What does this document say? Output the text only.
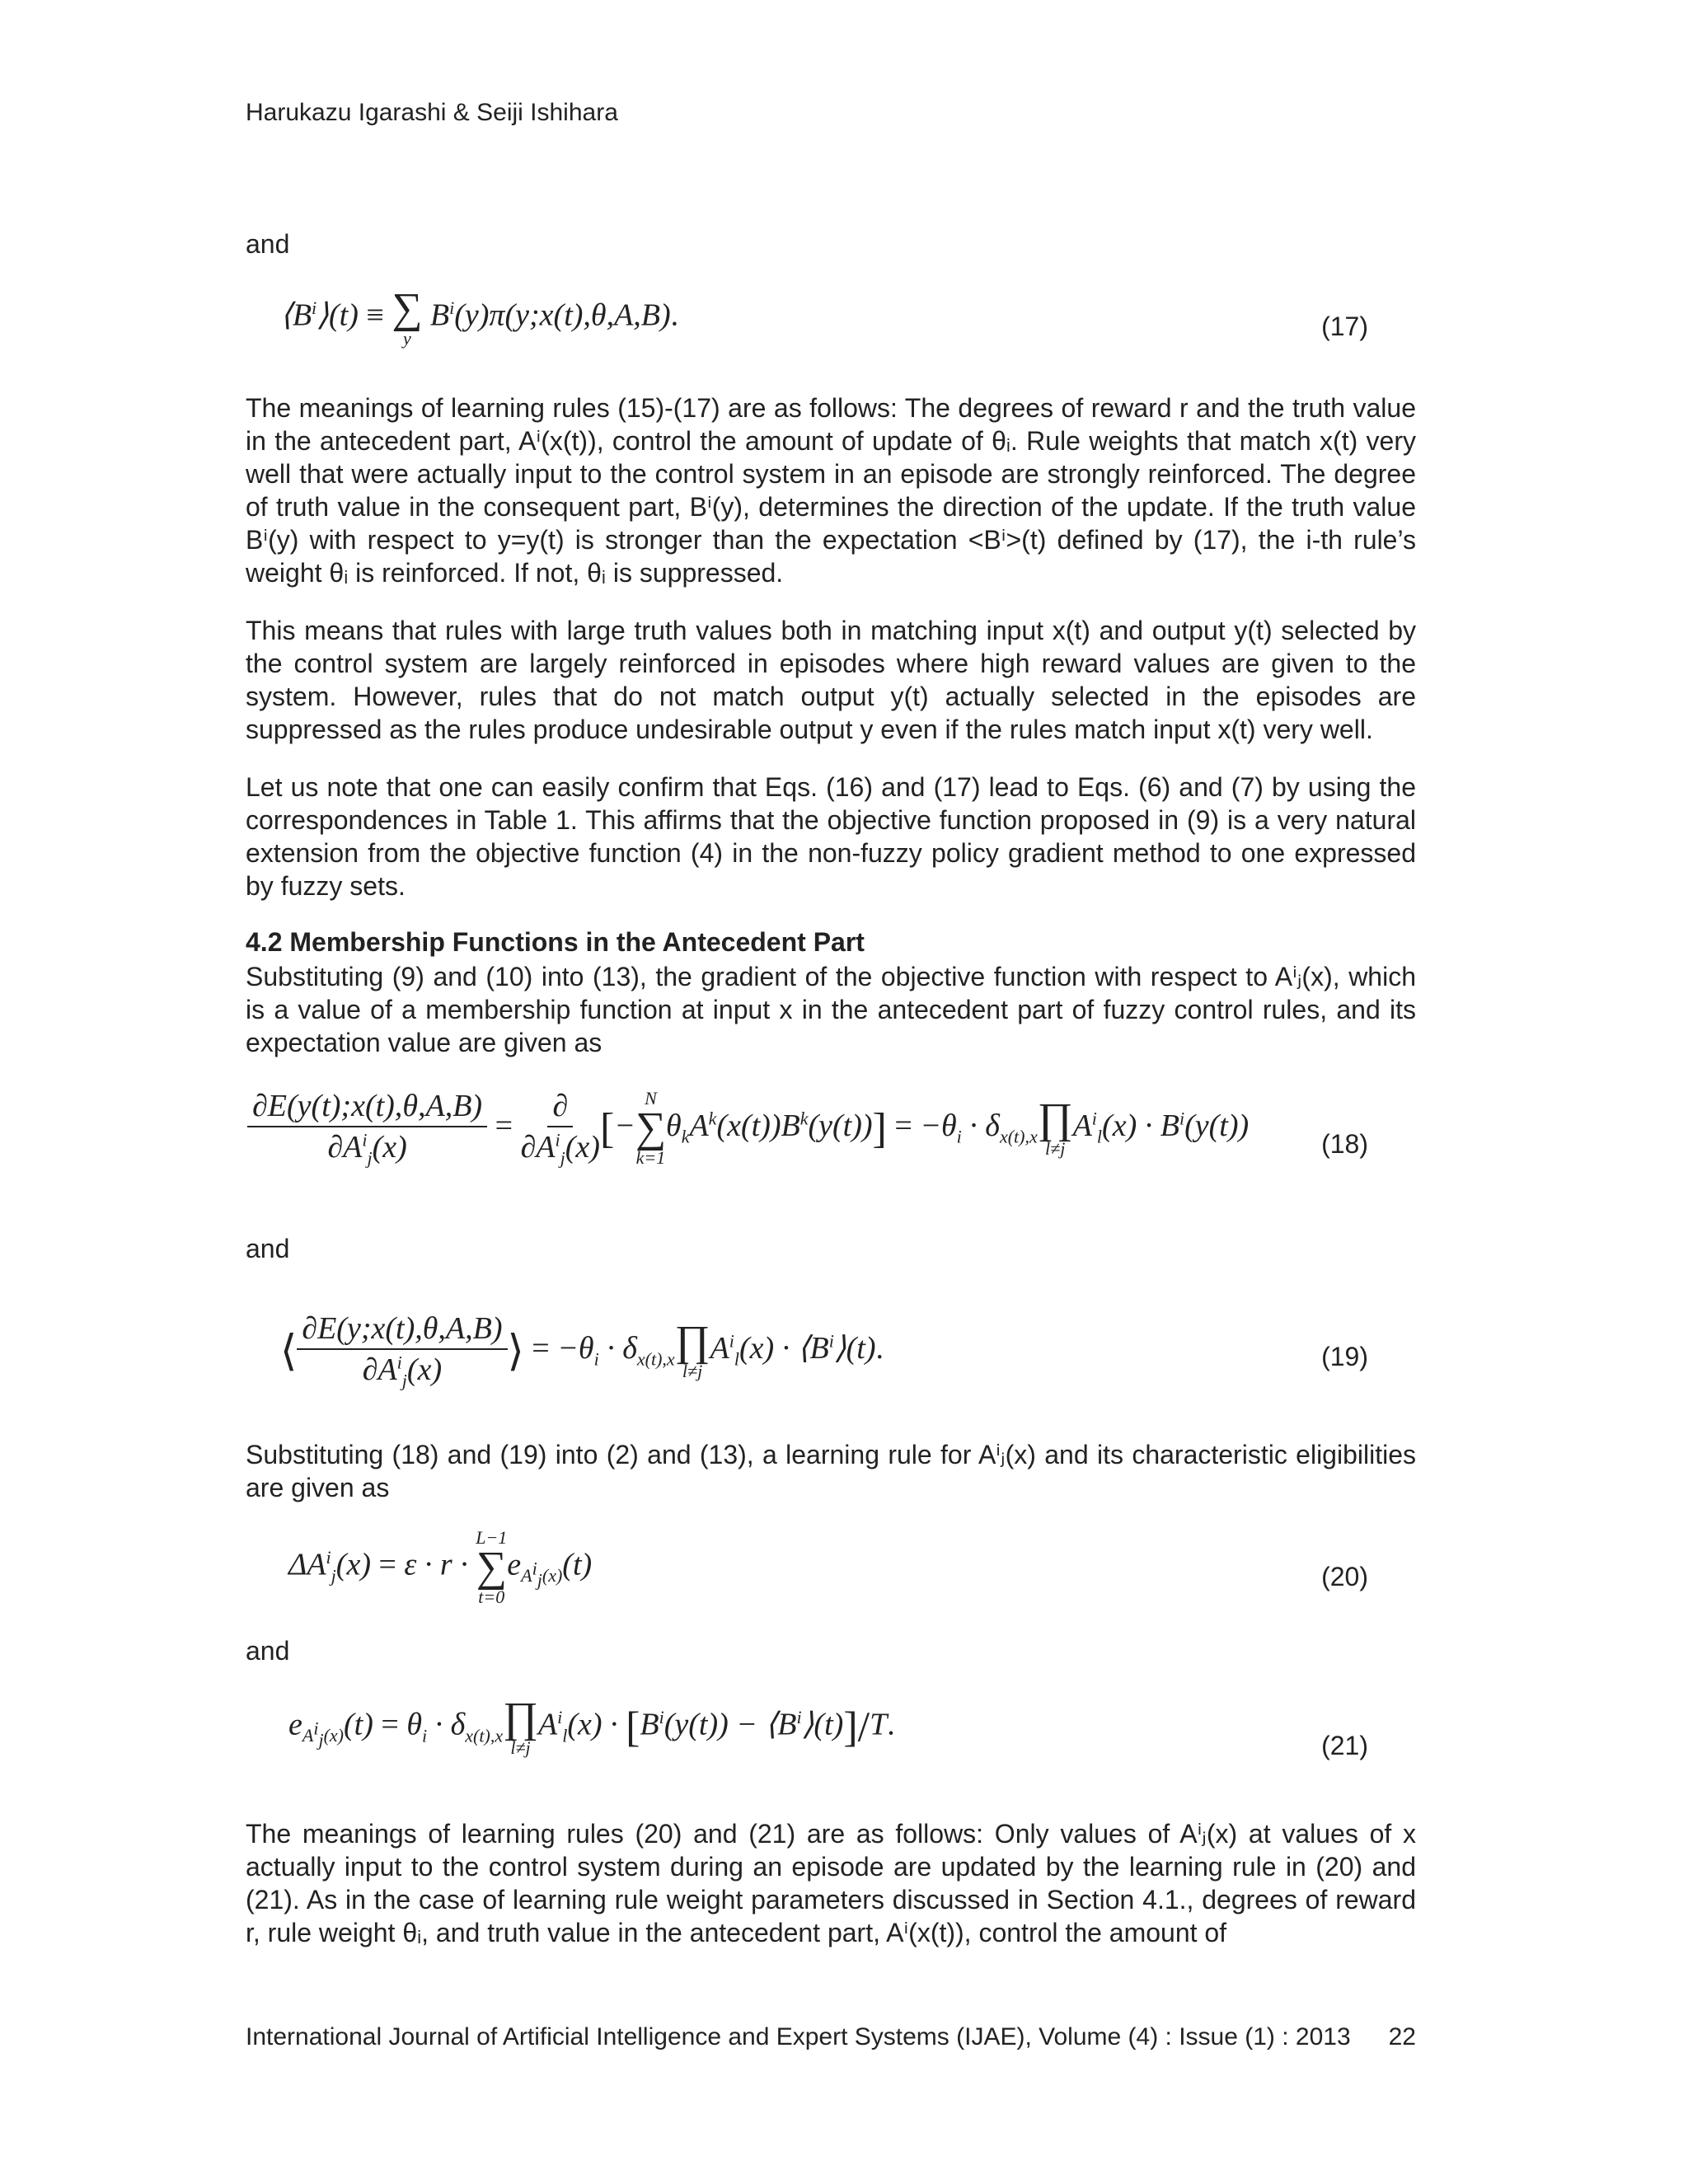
Harukazu Igarashi & Seiji Ishihara
and
$⟨B^i⟩(t)$ ≡ ∑
y
$B^i(y)\pi(y;x(t),\theta,A,B)$.	(17)
The meanings of learning rules (15)-(17) are as follows: The degrees of reward r and the truth value in the antecedent part, Aⁱ(x(t)), control the amount of update of θᵢ. Rule weights that match x(t) very well that were actually input to the control system in an episode are strongly reinforced. The degree of truth value in the consequent part, Bⁱ(y), determines the direction of the update. If the truth value Bⁱ(y) with respect to y=y(t) is stronger than the expectation <Bⁱ>(t) defined by (17), the i-th rule’s weight θᵢ is reinforced. If not, θᵢ is suppressed.
This means that rules with large truth values both in matching input x(t) and output y(t) selected by the control system are largely reinforced in episodes where high reward values are given to the system. However, rules that do not match output y(t) actually selected in the episodes are suppressed as the rules produce undesirable output y even if the rules match input x(t) very well.
Let us note that one can easily confirm that Eqs. (16) and (17) lead to Eqs. (6) and (7) by using the correspondences in Table 1. This affirms that the objective function proposed in (9) is a very natural extension from the objective function (4) in the non-fuzzy policy gradient method to one expressed by fuzzy sets.
4.2 Membership Functions in the Antecedent Part
Substituting (9) and (10) into (13), the gradient of the objective function with respect to Aⁱⱼ(x), which is a value of a membership function at input x in the antecedent part of fuzzy control rules, and its expectation value are given as
$\frac{\partial E(y(t);x(t),\theta,A,B)}{\partial A^i_j(x)} = \frac{\partial}{\partial A^i_j(x)}$ [−
N
∑
k=1
$\theta_kA^k(x(t))B^k(y(t))] = -\theta_i \cdot \delta_{x(t),x}$ ∏
l≠j
$A^i_l(x) \cdot B^i(y(t))$
(18)
and
⟨ $\frac{\partial E(y;x(t),\theta,A,B)}{\partial A^i_j(x)}$ ⟩ = $-\theta_i \cdot \delta_{x(t),x}$ ∏
l≠j
$A^i_l(x)$ · $⟨B^i⟩(t)$.	(19)
Substituting (18) and (19) into (2) and (13), a learning rule for Aⁱⱼ(x) and its characteristic eligibilities are given as
$\Delta A^i_j(x) = \varepsilon \cdot r$ ·
L−1
∑
t=0
$e_{A^i_j(x)}(t)$	(20)
and
$e_{A^i_j(x)}(t) = \theta_i \cdot \delta_{x(t),x}$ ∏
l≠j
$A^i_l(x) \cdot [B^i(y(t))$ − $⟨B^i⟩(t)]/T$.
(21)
The meanings of learning rules (20) and (21) are as follows: Only values of Aⁱⱼ(x) at values of x actually input to the control system during an episode are updated by the learning rule in (20) and (21). As in the case of learning rule weight parameters discussed in Section 4.1., degrees of reward r, rule weight θᵢ, and truth value in the antecedent part, Aⁱ(x(t)), control the amount of
International Journal of Artificial Intelligence and Expert Systems (IJAE), Volume (4) : Issue (1) : 2013 22
